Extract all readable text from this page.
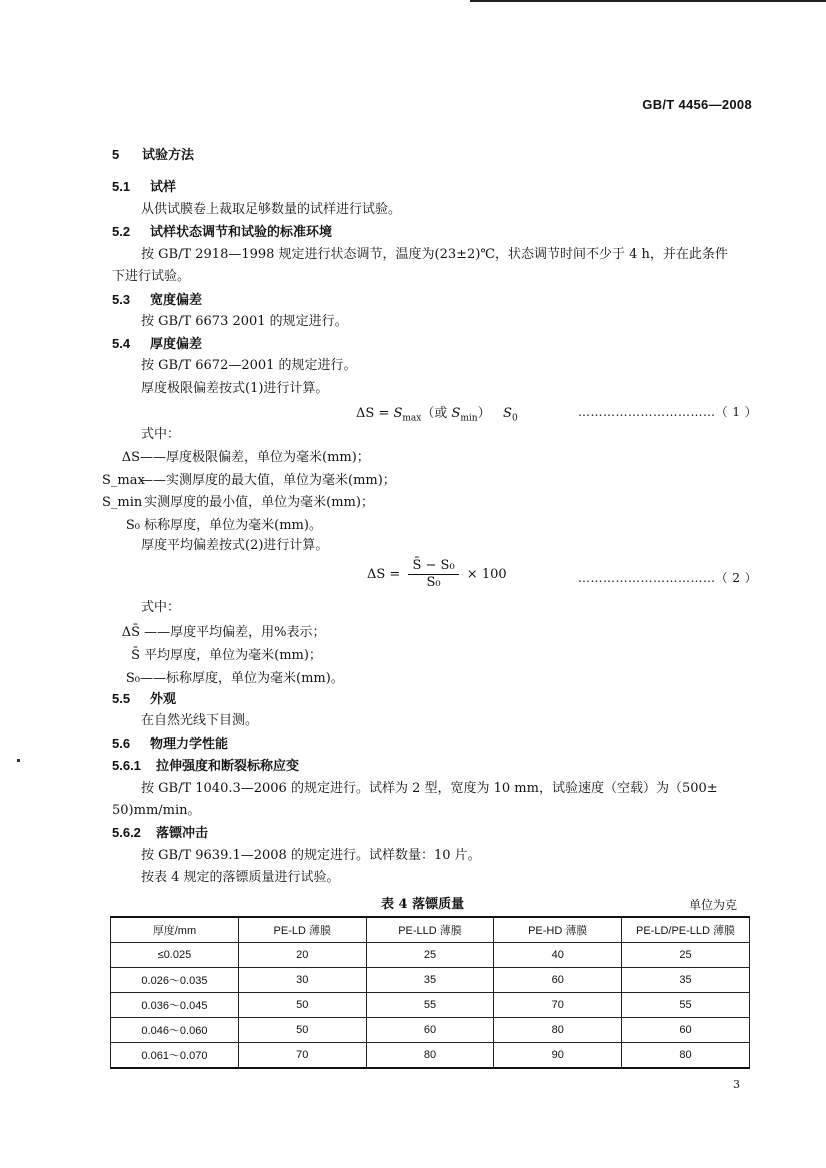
GB/T 4456—2008
5 试验方法
5.1 试样
从供试膜卷上裁取足够数量的试样进行试验。
5.2 试样状态调节和试验的标准环境
按 GB/T 2918—1998 规定进行状态调节，温度为(23±2)℃，状态调节时间不少于 4 h，并在此条件
下进行试验。
5.3 宽度偏差
按 GB/T 6673 2001 的规定进行。
5.4 厚度偏差
按 GB/T 6672—2001 的规定进行。
厚度极限偏差按式(1)进行计算。
$\Delta S = S_{max}$（或 $S_{min}$） $S_0$	……………………………（ 1 ）
式中：
ΔS——厚度极限偏差，单位为毫米(mm)；
S_max——实测厚度的最大值，单位为毫米(mm)；
S_min 实测厚度的最小值，单位为毫米(mm)；
S₀ 标称厚度，单位为毫米(mm)。
厚度平均偏差按式(2)进行计算。
$\Delta S = \frac{\text{S̄ − S₀}}{\text{S₀}} \times 100$	……………………………（ 2 ）
式中：
ΔS̄ ——厚度平均偏差，用%表示；
S̄ 平均厚度，单位为毫米(mm)；
S₀——标称厚度，单位为毫米(mm)。
5.5 外观
在自然光线下目测。
5.6 物理力学性能
5.6.1 拉伸强度和断裂标称应变
按 GB/T 1040.3—2006 的规定进行。试样为 2 型，宽度为 10 mm，试验速度（空载）为（500±
50)mm/min。
5.6.2 落镖冲击
按 GB/T 9639.1—2008 的规定进行。试样数量：10 片。
按表 4 规定的落镖质量进行试验。
表 4 落镖质量	单位为克
厚度/mm	PE-LD 薄膜	PE-LLD 薄膜	PE-HD 薄膜	PE-LD/PE-LLD 薄膜
≤0.025	20	25	40	25
0.026～0.035	30	35	60	35
0.036～0.045	50	55	70	55
0.046～0.060	50	60	80	60
0.061～0.070	70	80	90	80
3
